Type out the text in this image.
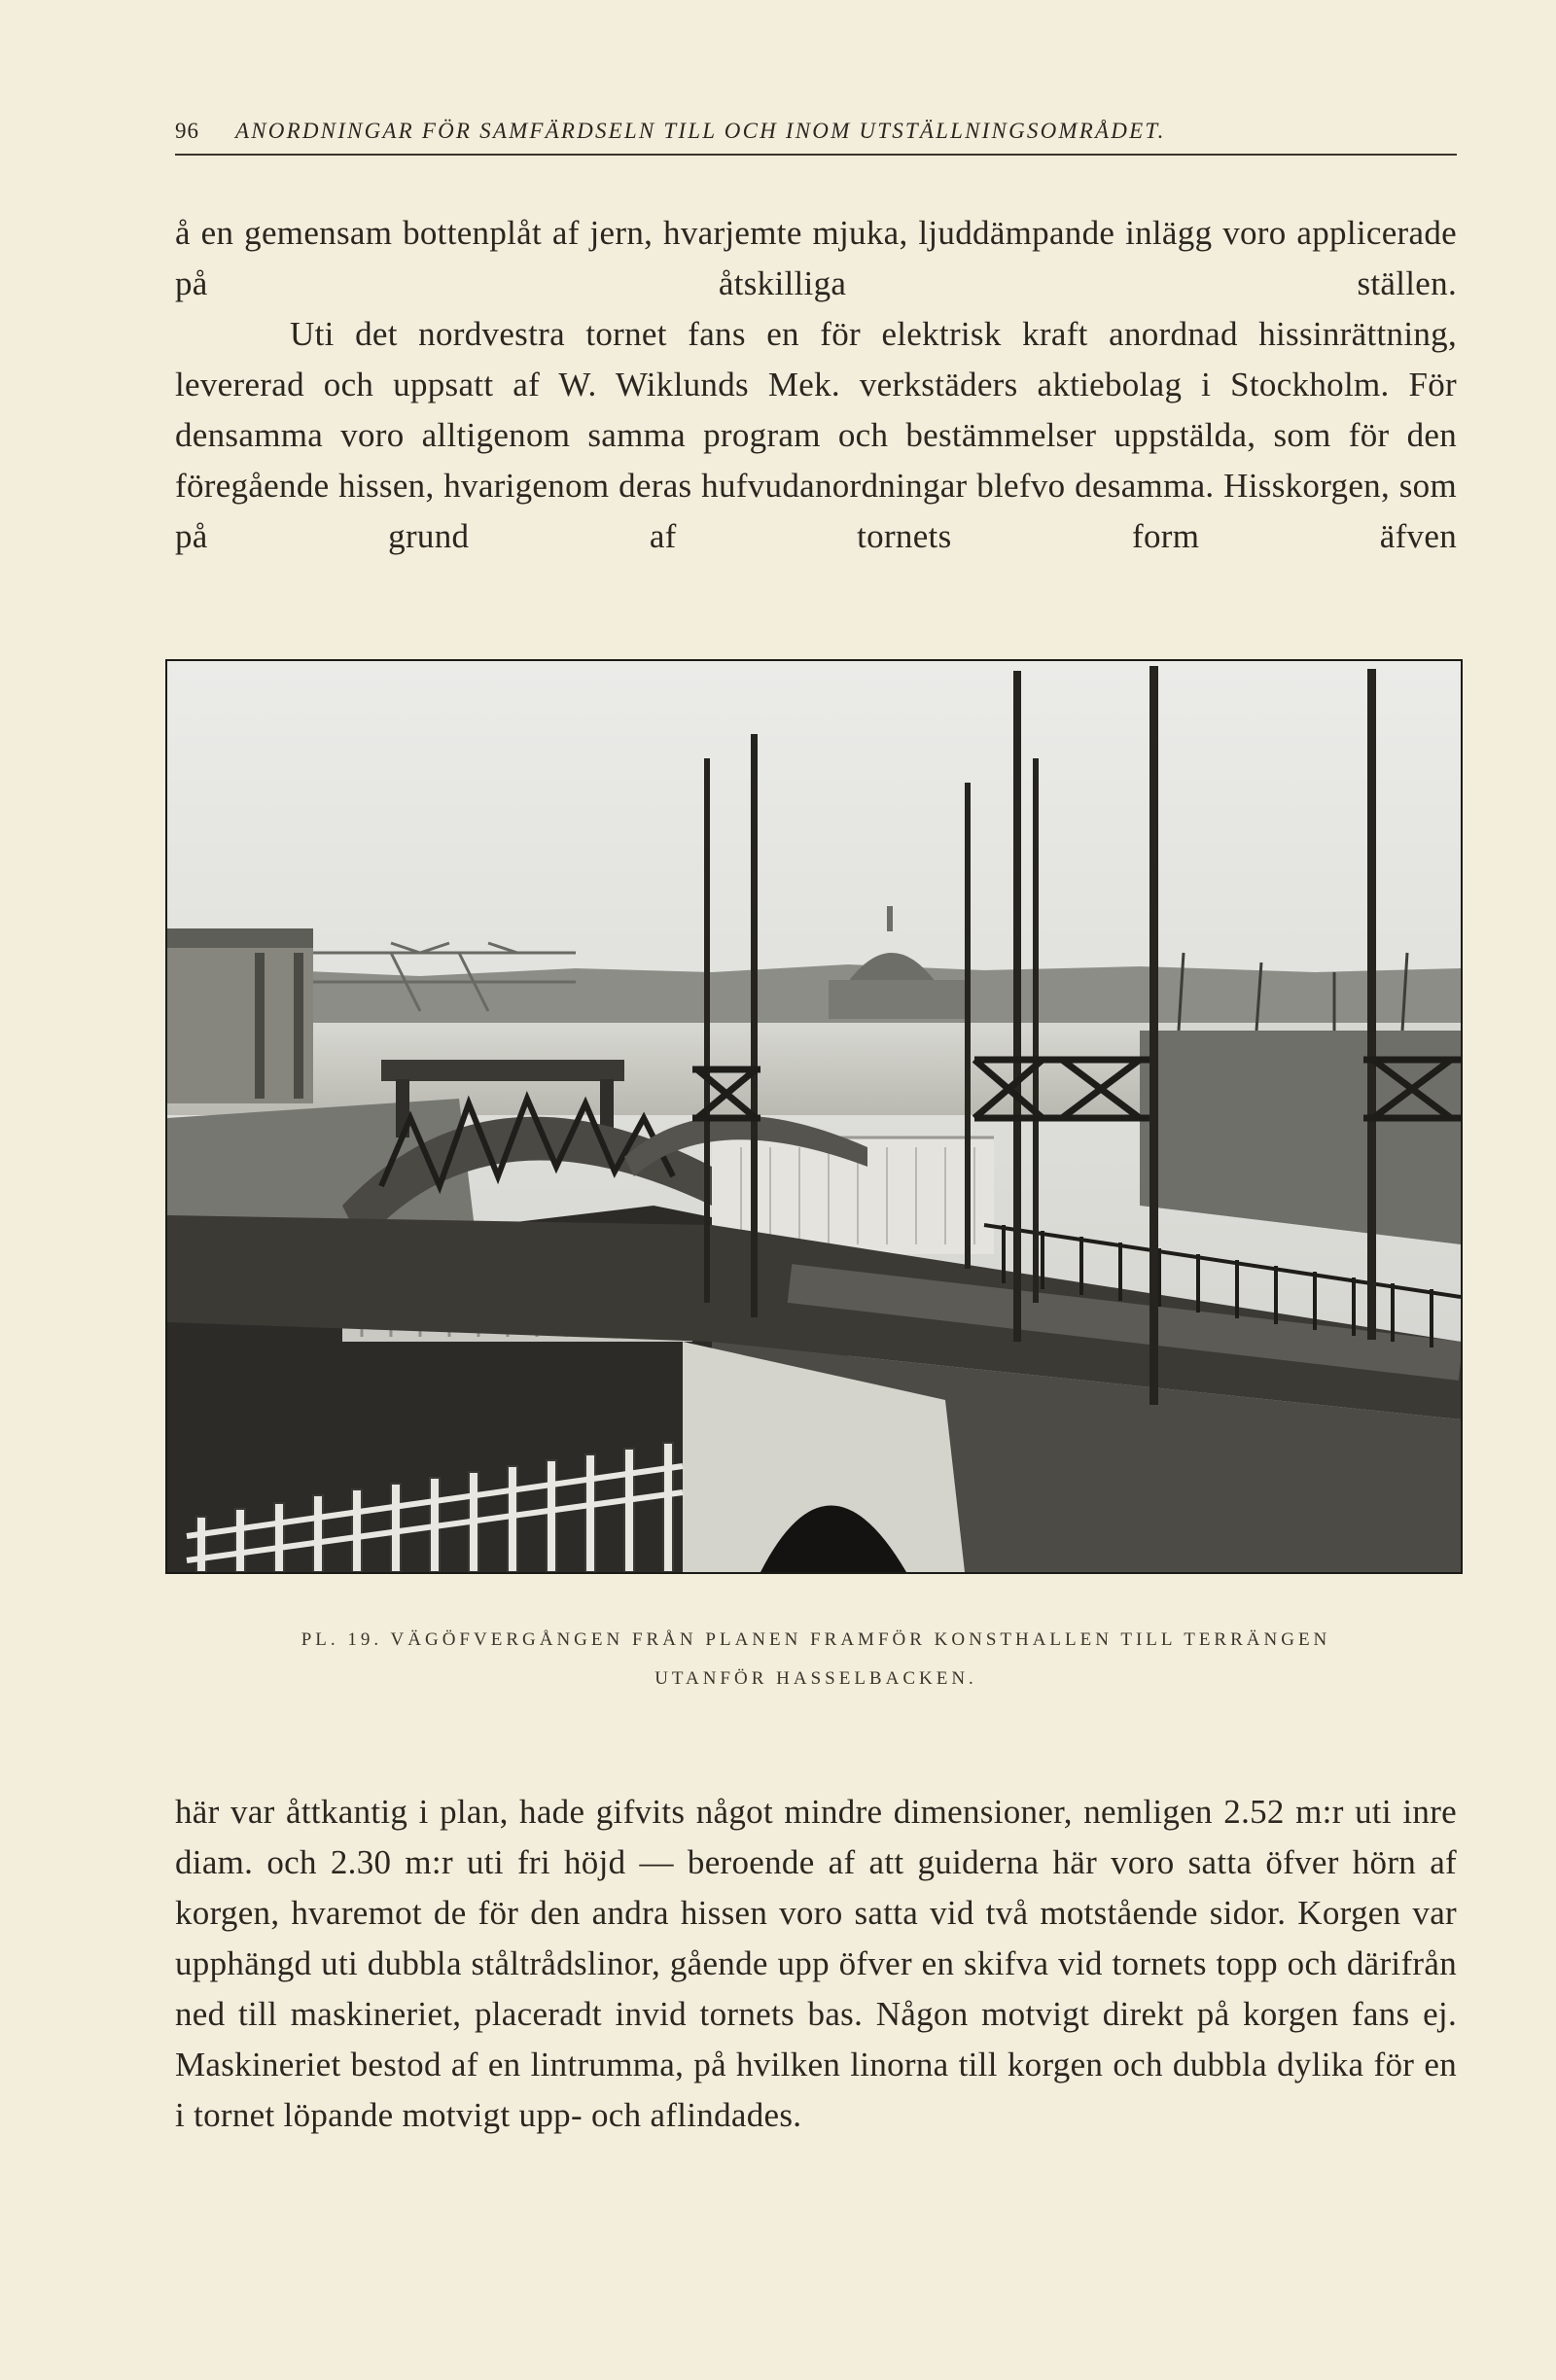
96 ANORDNINGAR FÖR SAMFÄRDSELN TILL OCH INOM UTSTÄLLNINGSOMRÅDET.

å en gemensam bottenplåt af jern, hvarjemte mjuka, ljuddämpande inlägg voro applicerade på åtskilliga ställen.

Uti det nordvestra tornet fans en för elektrisk kraft anordnad hissinrättning, levererad och uppsatt af W. Wiklunds Mek. verkstäders aktiebolag i Stockholm. För densamma voro alltigenom samma program och bestämmelser uppstälda, som för den föregående hissen, hvarigenom deras hufvudanordningar blefvo desamma. Hisskorgen, som på grund af tornets form äfven

PL. 19. VÄGÖFVERGÅNGEN FRÅN PLANEN FRAMFÖR KONSTHALLEN TILL TERRÄNGEN
UTANFÖR HASSELBACKEN.

här var åttkantig i plan, hade gifvits något mindre dimensioner, nemligen 2.52 m:r uti inre diam. och 2.30 m:r uti fri höjd — beroende af att guiderna här voro satta öfver hörn af korgen, hvaremot de för den andra hissen voro satta vid två motstående sidor. Korgen var upphängd uti dubbla ståltrådslinor, gående upp öfver en skifva vid tornets topp och därifrån ned till maskineriet, placeradt invid tornets bas. Någon motvigt direkt på korgen fans ej. Maskineriet bestod af en lintrumma, på hvilken linorna till korgen och dubbla dylika för en i tornet löpande motvigt upp- och aflindades.
